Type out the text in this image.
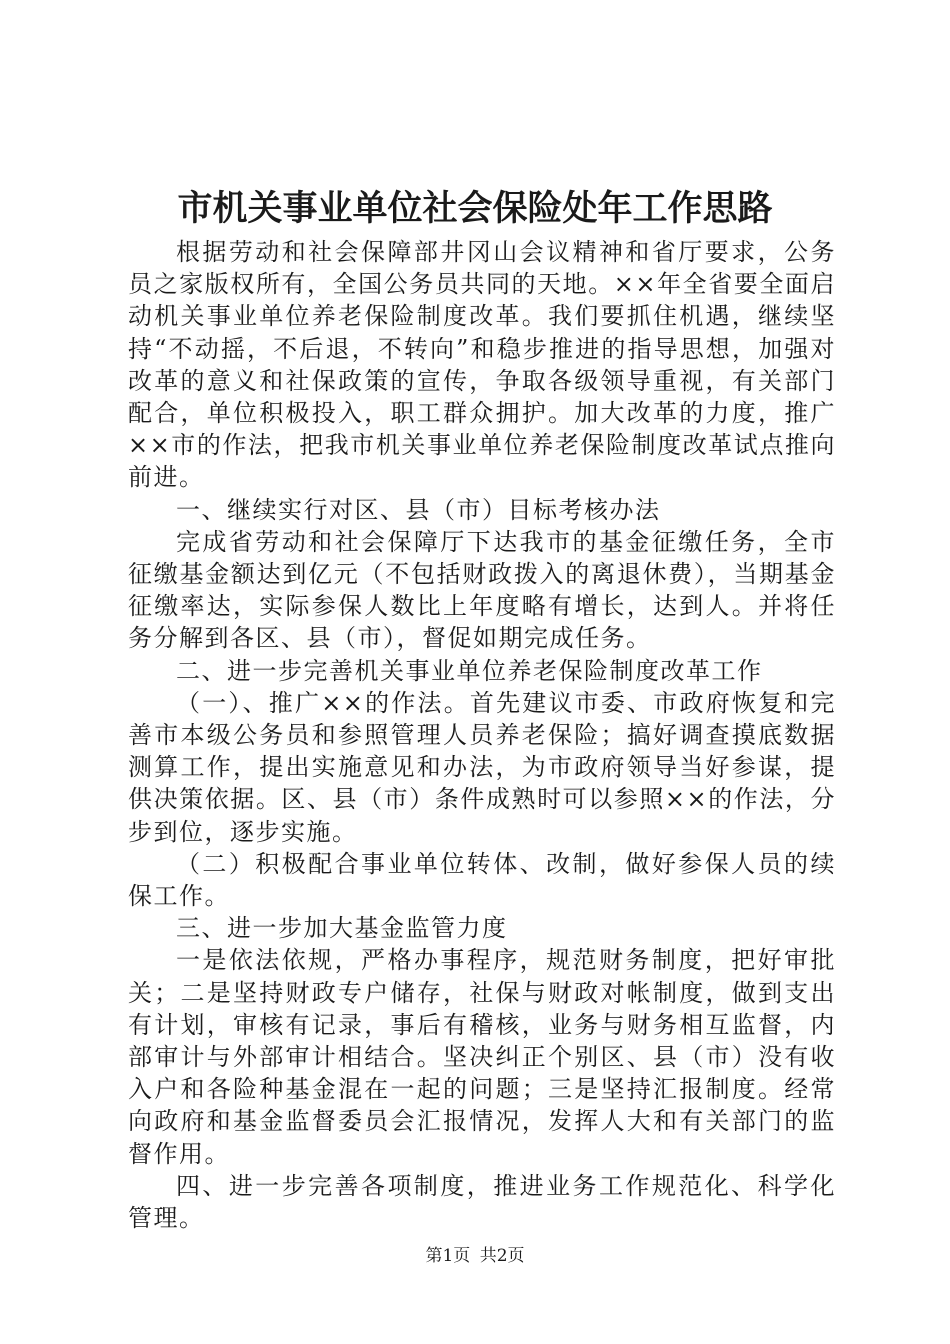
市机关事业单位社会保险处年工作思路

根据劳动和社会保障部井冈山会议精神和省厅要求，公务员之家版权所有，全国公务员共同的天地。××年全省要全面启动机关事业单位养老保险制度改革。我们要抓住机遇，继续坚持“不动摇，不后退，不转向”和稳步推进的指导思想，加强对改革的意义和社保政策的宣传，争取各级领导重视，有关部门配合，单位积极投入，职工群众拥护。加大改革的力度，推广××市的作法，把我市机关事业单位养老保险制度改革试点推向前进。

一、继续实行对区、县（市）目标考核办法

完成省劳动和社会保障厅下达我市的基金征缴任务，全市征缴基金额达到亿元（不包括财政拨入的离退休费），当期基金征缴率达，实际参保人数比上年度略有增长，达到人。并将任务分解到各区、县（市），督促如期完成任务。

二、进一步完善机关事业单位养老保险制度改革工作

（一）、推广××的作法。首先建议市委、市政府恢复和完善市本级公务员和参照管理人员养老保险；搞好调查摸底数据测算工作，提出实施意见和办法，为市政府领导当好参谋，提供决策依据。区、县（市）条件成熟时可以参照××的作法，分步到位，逐步实施。

（二）积极配合事业单位转体、改制，做好参保人员的续保工作。

三、进一步加大基金监管力度

一是依法依规，严格办事程序，规范财务制度，把好审批关；二是坚持财政专户储存，社保与财政对帐制度，做到支出有计划，审核有记录，事后有稽核，业务与财务相互监督，内部审计与外部审计相结合。坚决纠正个别区、县（市）没有收入户和各险种基金混在一起的问题；三是坚持汇报制度。经常向政府和基金监督委员会汇报情况，发挥人大和有关部门的监督作用。

四、进一步完善各项制度，推进业务工作规范化、科学化管理。

第1页 共2页
